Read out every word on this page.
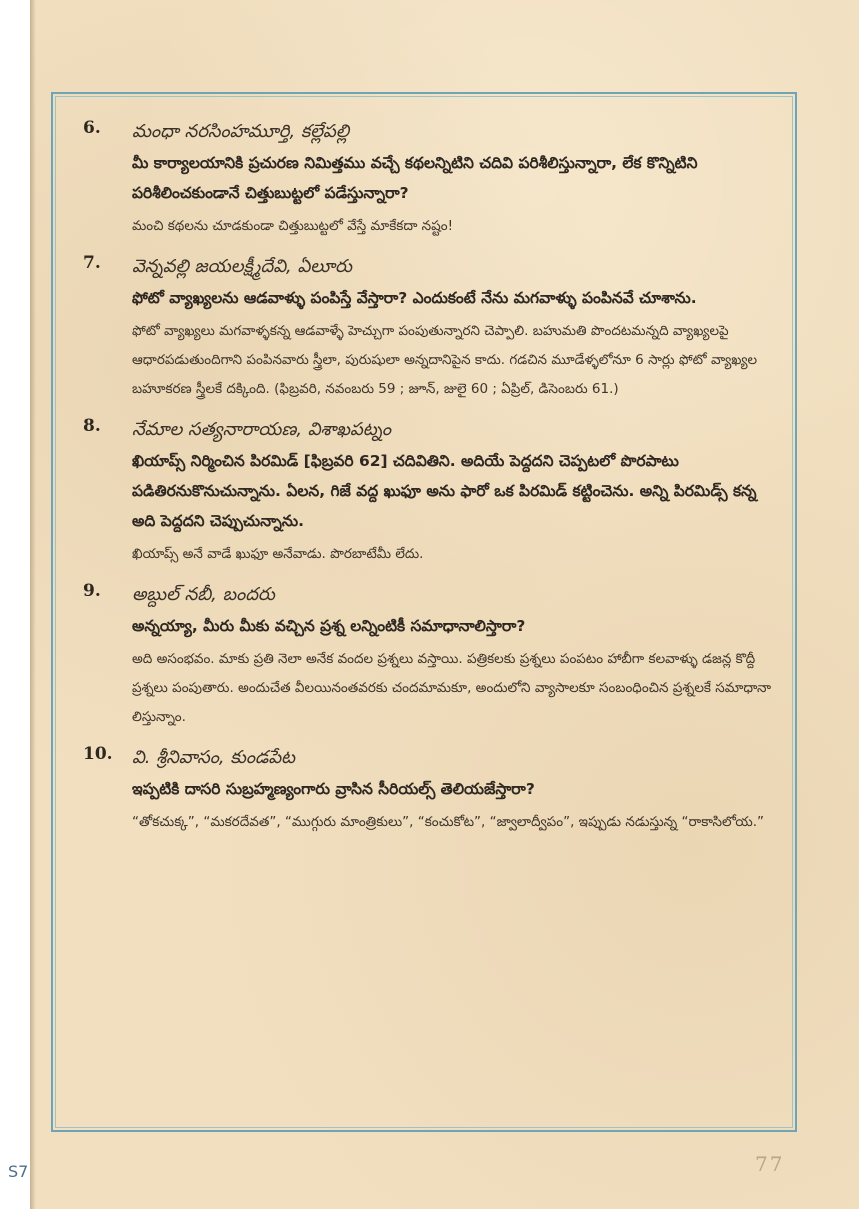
6. మంధా నరసింహమూర్తి, కల్లేపల్లి
మీ కార్యాలయానికి ప్రచురణ నిమిత్తము వచ్చే కథలన్నిటిని చదివి పరిశీలిస్తున్నారా, లేక కొన్నిటిని పరిశీలించకుండానే చిత్తుబుట్టలో పడేస్తున్నారా?
మంచి కథలను చూడకుండా చిత్తుబుట్టలో వేస్తే మాకేకదా నష్టం!
7. వెన్నవల్లి జయలక్ష్మీదేవి, ఏలూరు
ఫోటో వ్యాఖ్యలను ఆడవాళ్ళు పంపిస్తే వేస్తారా? ఎందుకంటే నేను మగవాళ్ళు పంపినవే చూశాను.
ఫోటో వ్యాఖ్యలు మగవాళ్ళకన్న ఆడవాళ్ళే హెచ్చుగా పంపుతున్నారని చెప్పాలి. బహుమతి పొందటమన్నది వ్యాఖ్యలపై ఆధారపడుతుందిగాని పంపినవారు స్త్రీలా, పురుషులా అన్నదానిపైన కాదు. గడచిన మూడేళ్ళలోనూ 6 సార్లు ఫోటో వ్యాఖ్యల బహూకరణ స్త్రీలకే దక్కింది. (ఫిబ్రవరి, నవంబరు 59 ; జూన్, జులై 60 ; ఏప్రిల్, డిసెంబరు 61.)
8. నేమాల సత్యనారాయణ, విశాఖపట్నం
ఖియాప్స్ నిర్మించిన పిరమిడ్ [ఫిబ్రవరి 62] చదివితిని. అదియే పెద్దదని చెప్పటలో పొరపాటు పడితిరనుకొనుచున్నాను. ఏలన, గిజే వద్ద ఖుఫూ అను ఫారో ఒక పిరమిడ్ కట్టించెను. అన్ని పిరమిడ్స్ కన్న అది పెద్దదని చెప్పుచున్నాను.
ఖియాప్స్ అనే వాడే ఖుఫూ అనేవాడు. పొరబాటేమీ లేదు.
9. అబ్దుల్ నబీ, బందరు
అన్నయ్యా, మీరు మీకు వచ్చిన ప్రశ్న లన్నింటికీ సమాధానాలిస్తారా?
అది అసంభవం. మాకు ప్రతి నెలా అనేక వందల ప్రశ్నలు వస్తాయి. పత్రికలకు ప్రశ్నలు పంపటం హాబీగా కలవాళ్ళు డజన్ల కొద్దీ ప్రశ్నలు పంపుతారు. అందుచేత వీలయినంతవరకు చందమామకూ, అందులోని వ్యాసాలకూ సంబంధించిన ప్రశ్నలకే సమాధానా లిస్తున్నాం.
10. వి. శ్రీనివాసం, కుండపేట
ఇప్పటికి దాసరి సుబ్రహ్మణ్యంగారు వ్రాసిన సీరియల్స్ తెలియజేస్తారా?
“తోకచుక్క”, “మకరదేవత”, “ముగ్గురు మాంత్రికులు”, “కంచుకోట”, “జ్వాలాద్వీపం”, ఇప్పుడు నడుస్తున్న “రాకాసిలోయ.”
S7	77
